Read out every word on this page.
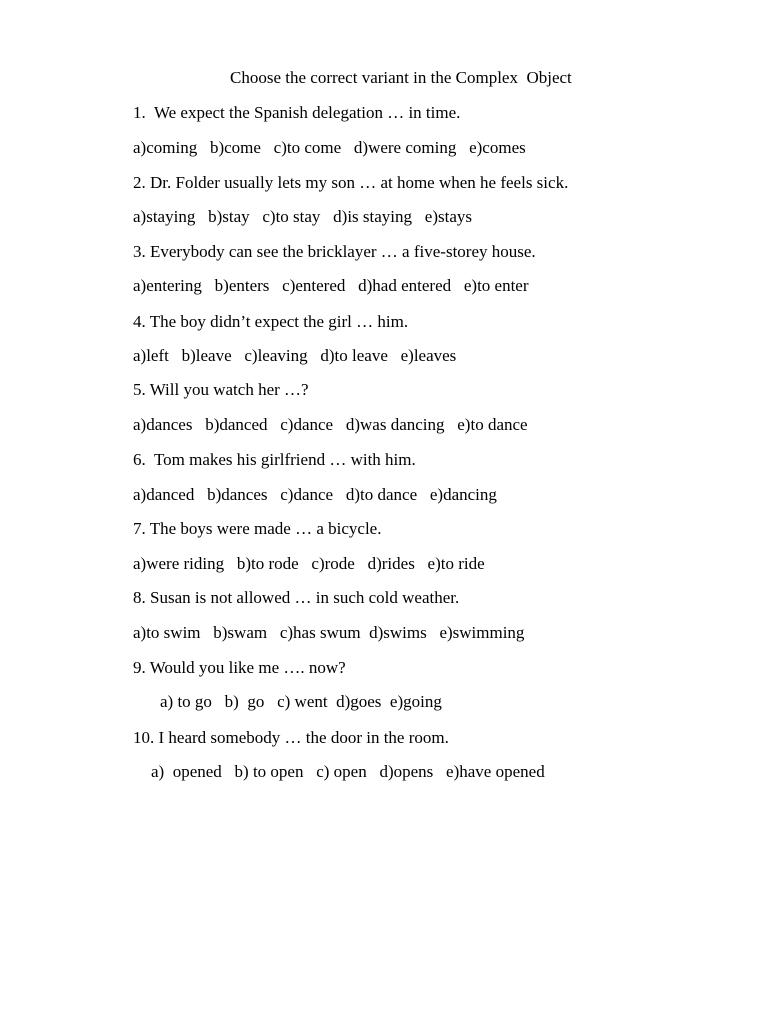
Choose the correct variant in the Complex  Object
1.  We expect the Spanish delegation … in time.
a)coming   b)come   c)to come   d)were coming   e)comes
2. Dr. Folder usually lets my son … at home when he feels sick.
a)staying   b)stay   c)to stay   d)is staying   e)stays
3. Everybody can see the bricklayer … a five-storey house.
a)entering   b)enters   c)entered   d)had entered   e)to enter
4. The boy didn’t expect the girl … him.
a)left   b)leave   c)leaving   d)to leave   e)leaves
5. Will you watch her …?
a)dances   b)danced   c)dance   d)was dancing   e)to dance
6.  Tom makes his girlfriend … with him.
a)danced   b)dances   c)dance   d)to dance   e)dancing
7. The boys were made … a bicycle.
a)were riding   b)to rode   c)rode   d)rides   e)to ride
8. Susan is not allowed … in such cold weather.
a)to swim   b)swam   c)has swum  d)swims   e)swimming
9. Would you like me …. now?
a) to go   b)  go   c) went  d)goes  e)going
10. I heard somebody … the door in the room.
a)  opened   b) to open   c) open   d)opens   e)have opened
